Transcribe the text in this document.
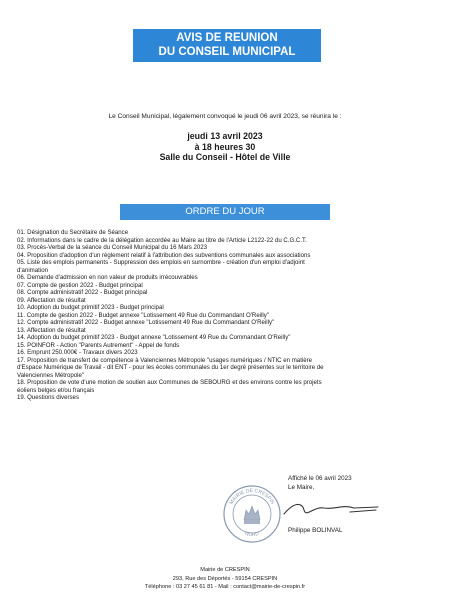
AVIS DE REUNION
DU CONSEIL MUNICIPAL
Le Conseil Municipal, légalement convoqué le jeudi 06 avril 2023, se réunira le :
jeudi 13 avril 2023
à 18 heures 30
Salle du Conseil - Hôtel de Ville
ORDRE DU JOUR
01. Désignation du Secrétaire de Séance
02. Informations dans le cadre de la délégation accordée au Maire au titre de l'Article L2122-22 du C.G.C.T.
03. Procès-Verbal de la séance du Conseil Municipal du 16 Mars 2023
04. Proposition d'adoption d'un règlement relatif à l'attribution des subventions communales aux associations
05. Liste des emplois permanents - Suppression des emplois en surnombre - création d'un emploi d'adjoint
d'animation
06. Demande d'admission en non valeur de produits irrécouvrables
07. Compte de gestion 2022 - Budget principal
08. Compte administratif 2022 - Budget principal
09. Affectation de résultat
10. Adoption du budget primitif 2023 - Budget principal
11. Compte de gestion 2022 - Budget annexe "Lotissement 49 Rue du Commandant O'Reilly"
12. Compte administratif 2022 - Budget annexe "Lotissement 49 Rue du Commandant O'Reilly"
13. Affectation de résultat
14. Adoption du budget primitif 2023 - Budget annexe "Lotissement 49 Rue du Commandant O'Reilly"
15. POINFOR - Action "Parents Autrement" - Appel de fonds
16. Emprunt 250.000€ - Travaux divers 2023
17. Proposition de transfert de compétence à Valenciennes Métropole "usages numériques / NTIC en matière
d'Espace Numérique de Travail - dit ENT - pour les écoles communales du 1er degré présentes sur le territoire de
Valenciennes Métropole"
18. Proposition de vote d'une motion de soutien aux Communes de SEBOURG et des environs contre les projets
éoliens belges et/ou français
19. Questions diverses
Affiché le 06 avril 2023
Le Maire,
MAIRIE DE CRESPIN
NORD
Philippe BOLINVAL
Mairie de CRESPIN
293, Rue des Déportés - 59154 CRESPIN
Téléphone : 03 27 45 61 81 - Mail : contact@mairie-de-crespin.fr
